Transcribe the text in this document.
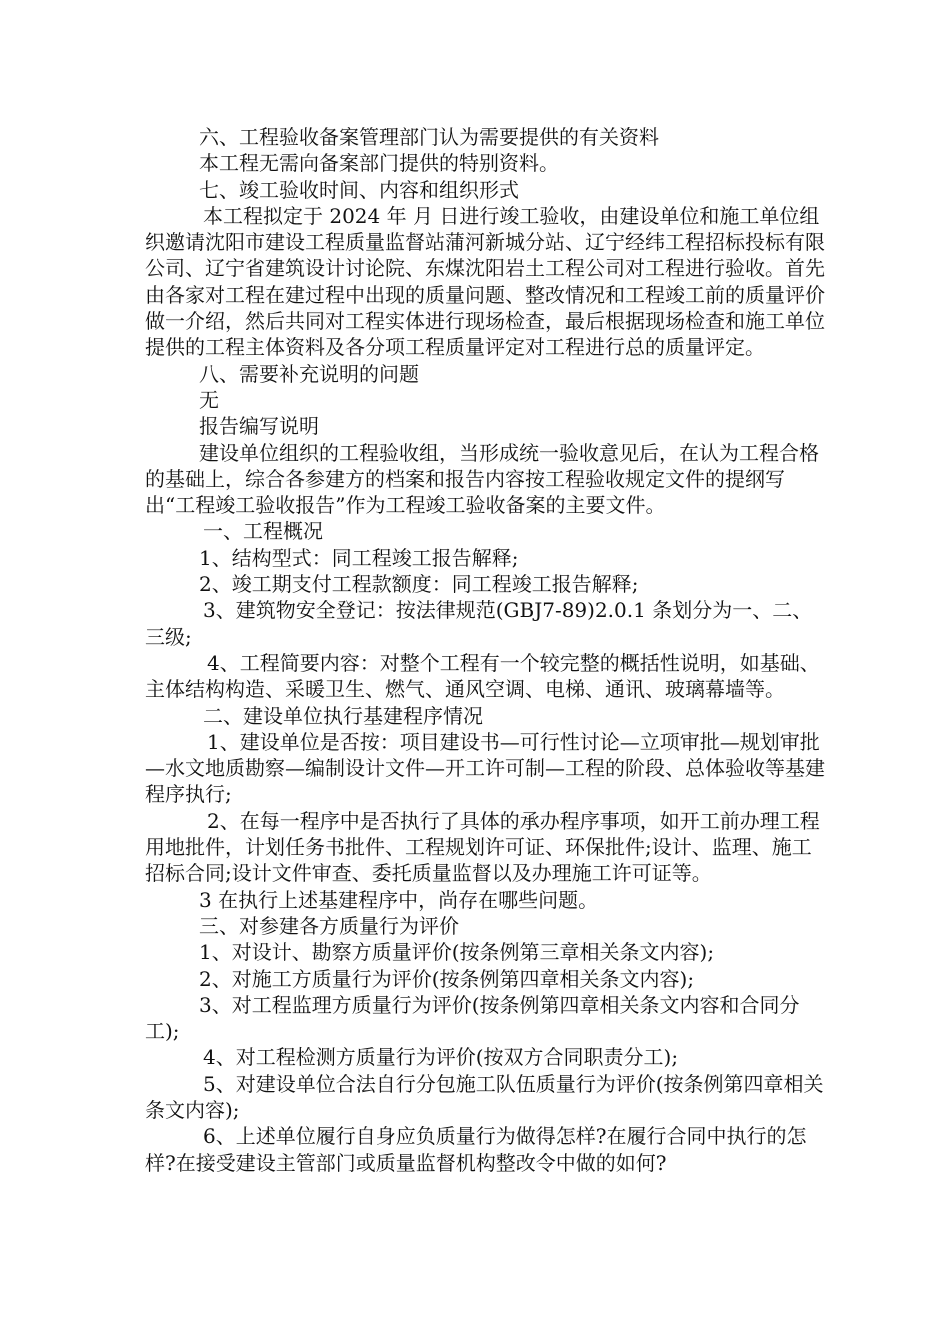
六、工程验收备案管理部门认为需要提供的有关资料

本工程无需向备案部门提供的特别资料。

七、竣工验收时间、内容和组织形式

本工程拟定于 2024 年 月 日进行竣工验收，由建设单位和施工单位组织邀请沈阳市建设工程质量监督站蒲河新城分站、辽宁经纬工程招标投标有限公司、辽宁省建筑设计讨论院、东煤沈阳岩土工程公司对工程进行验收。首先由各家对工程在建过程中出现的质量问题、整改情况和工程竣工前的质量评价做一介绍，然后共同对工程实体进行现场检查，最后根据现场检查和施工单位提供的工程主体资料及各分项工程质量评定对工程进行总的质量评定。

八、需要补充说明的问题

无

报告编写说明

建设单位组织的工程验收组，当形成统一验收意见后，在认为工程合格的基础上，综合各参建方的档案和报告内容按工程验收规定文件的提纲写出“工程竣工验收报告”作为工程竣工验收备案的主要文件。

一、工程概况

1、结构型式：同工程竣工报告解释;

2、竣工期支付工程款额度：同工程竣工报告解释;

3、建筑物安全登记：按法律规范(GBJ7-89)2.0.1 条划分为一、二、三级;

4、工程简要内容：对整个工程有一个较完整的概括性说明，如基础、主体结构构造、采暖卫生、燃气、通风空调、电梯、通讯、玻璃幕墙等。

二、建设单位执行基建程序情况

1、建设单位是否按：项目建设书—可行性讨论—立项审批—规划审批—水文地质勘察—编制设计文件—开工许可制—工程的阶段、总体验收等基建程序执行;

2、在每一程序中是否执行了具体的承办程序事项，如开工前办理工程用地批件，计划任务书批件、工程规划许可证、环保批件;设计、监理、施工招标合同;设计文件审查、委托质量监督以及办理施工许可证等。

3 在执行上述基建程序中，尚存在哪些问题。

三、对参建各方质量行为评价

1、对设计、勘察方质量评价(按条例第三章相关条文内容);

2、对施工方质量行为评价(按条例第四章相关条文内容);

3、对工程监理方质量行为评价(按条例第四章相关条文内容和合同分工);

4、对工程检测方质量行为评价(按双方合同职责分工);

5、对建设单位合法自行分包施工队伍质量行为评价(按条例第四章相关条文内容);

6、上述单位履行自身应负质量行为做得怎样?在履行合同中执行的怎样?在接受建设主管部门或质量监督机构整改令中做的如何?
